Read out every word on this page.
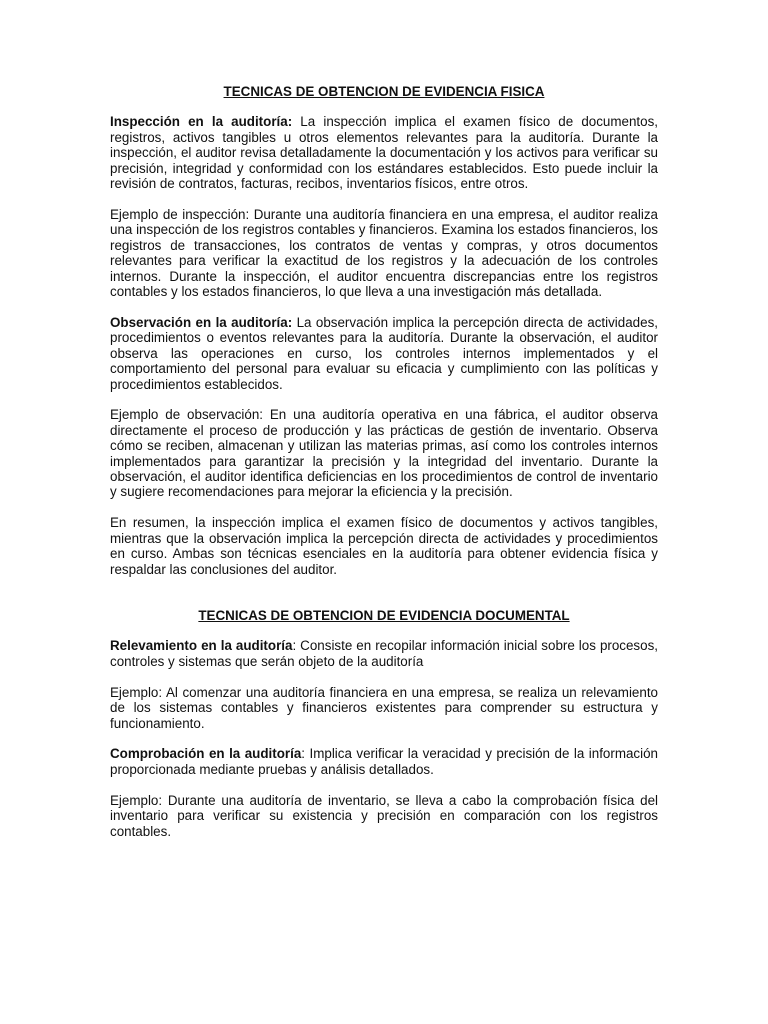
TECNICAS DE OBTENCION DE EVIDENCIA FISICA

Inspección en la auditoría: La inspección implica el examen físico de documentos, registros, activos tangibles u otros elementos relevantes para la auditoría. Durante la inspección, el auditor revisa detalladamente la documentación y los activos para verificar su precisión, integridad y conformidad con los estándares establecidos. Esto puede incluir la revisión de contratos, facturas, recibos, inventarios físicos, entre otros.

Ejemplo de inspección: Durante una auditoría financiera en una empresa, el auditor realiza una inspección de los registros contables y financieros. Examina los estados financieros, los registros de transacciones, los contratos de ventas y compras, y otros documentos relevantes para verificar la exactitud de los registros y la adecuación de los controles internos. Durante la inspección, el auditor encuentra discrepancias entre los registros contables y los estados financieros, lo que lleva a una investigación más detallada.

Observación en la auditoría: La observación implica la percepción directa de actividades, procedimientos o eventos relevantes para la auditoría. Durante la observación, el auditor observa las operaciones en curso, los controles internos implementados y el comportamiento del personal para evaluar su eficacia y cumplimiento con las políticas y procedimientos establecidos.

Ejemplo de observación: En una auditoría operativa en una fábrica, el auditor observa directamente el proceso de producción y las prácticas de gestión de inventario. Observa cómo se reciben, almacenan y utilizan las materias primas, así como los controles internos implementados para garantizar la precisión y la integridad del inventario. Durante la observación, el auditor identifica deficiencias en los procedimientos de control de inventario y sugiere recomendaciones para mejorar la eficiencia y la precisión.

En resumen, la inspección implica el examen físico de documentos y activos tangibles, mientras que la observación implica la percepción directa de actividades y procedimientos en curso. Ambas son técnicas esenciales en la auditoría para obtener evidencia física y respaldar las conclusiones del auditor.

TECNICAS DE OBTENCION DE EVIDENCIA DOCUMENTAL

Relevamiento en la auditoría: Consiste en recopilar información inicial sobre los procesos, controles y sistemas que serán objeto de la auditoría

Ejemplo: Al comenzar una auditoría financiera en una empresa, se realiza un relevamiento de los sistemas contables y financieros existentes para comprender su estructura y funcionamiento.

Comprobación en la auditoría: Implica verificar la veracidad y precisión de la información proporcionada mediante pruebas y análisis detallados.

Ejemplo: Durante una auditoría de inventario, se lleva a cabo la comprobación física del inventario para verificar su existencia y precisión en comparación con los registros contables.
